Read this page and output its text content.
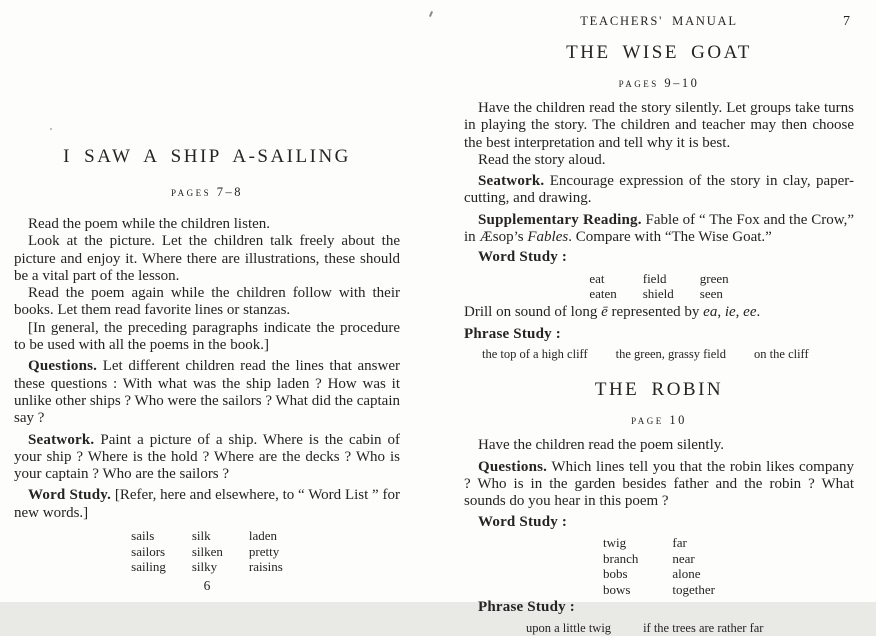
I SAW A SHIP A-SAILING
pages 7–8

Read the poem while the children listen.

Look at the picture. Let the children talk freely about the picture and enjoy it. Where there are illustrations, these should be a vital part of the lesson.

Read the poem again while the children follow with their books. Let them read favorite lines or stanzas.

[In general, the preceding paragraphs indicate the procedure to be used with all the poems in the book.]

Questions. Let different children read the lines that answer these questions : With what was the ship laden ? How was it unlike other ships ? Who were the sailors ? What did the captain say ?

Seatwork. Paint a picture of a ship. Where is the cabin of your ship ? Where is the hold ? Where are the decks ? Who is your captain ? Who are the sailors ?

Word Study. [Refer, here and elsewhere, to “ Word List ” for new words.]

sails
sailors
sailing
silk
silken
silky
laden
pretty
raisins
6
TEACHERS' MANUAL	7
THE WISE GOAT
pages 9–10

Have the children read the story silently. Let groups take turns in playing the story. The children and teacher may then choose the best interpretation and tell why it is best.

Read the story aloud.

Seatwork. Encourage expression of the story in clay, paper-cutting, and drawing.

Supplementary Reading. Fable of “ The Fox and the Crow,” in Æsop’s Fables. Compare with “The Wise Goat.”

Word Study :

eat
eaten
field
shield
green
seen

Drill on sound of long ē represented by ea, ie, ee.

Phrase Study :

the top of a high cliff the green, grassy field on the cliff
THE ROBIN
page 10

Have the children read the poem silently.

Questions. Which lines tell you that the robin likes company ? Who is in the garden besides father and the robin ? What sounds do you hear in this poem ?

Word Study :

twig
branch
bobs
bows
far
near
alone
together

Phrase Study :

upon a little twig	if the trees are rather far
